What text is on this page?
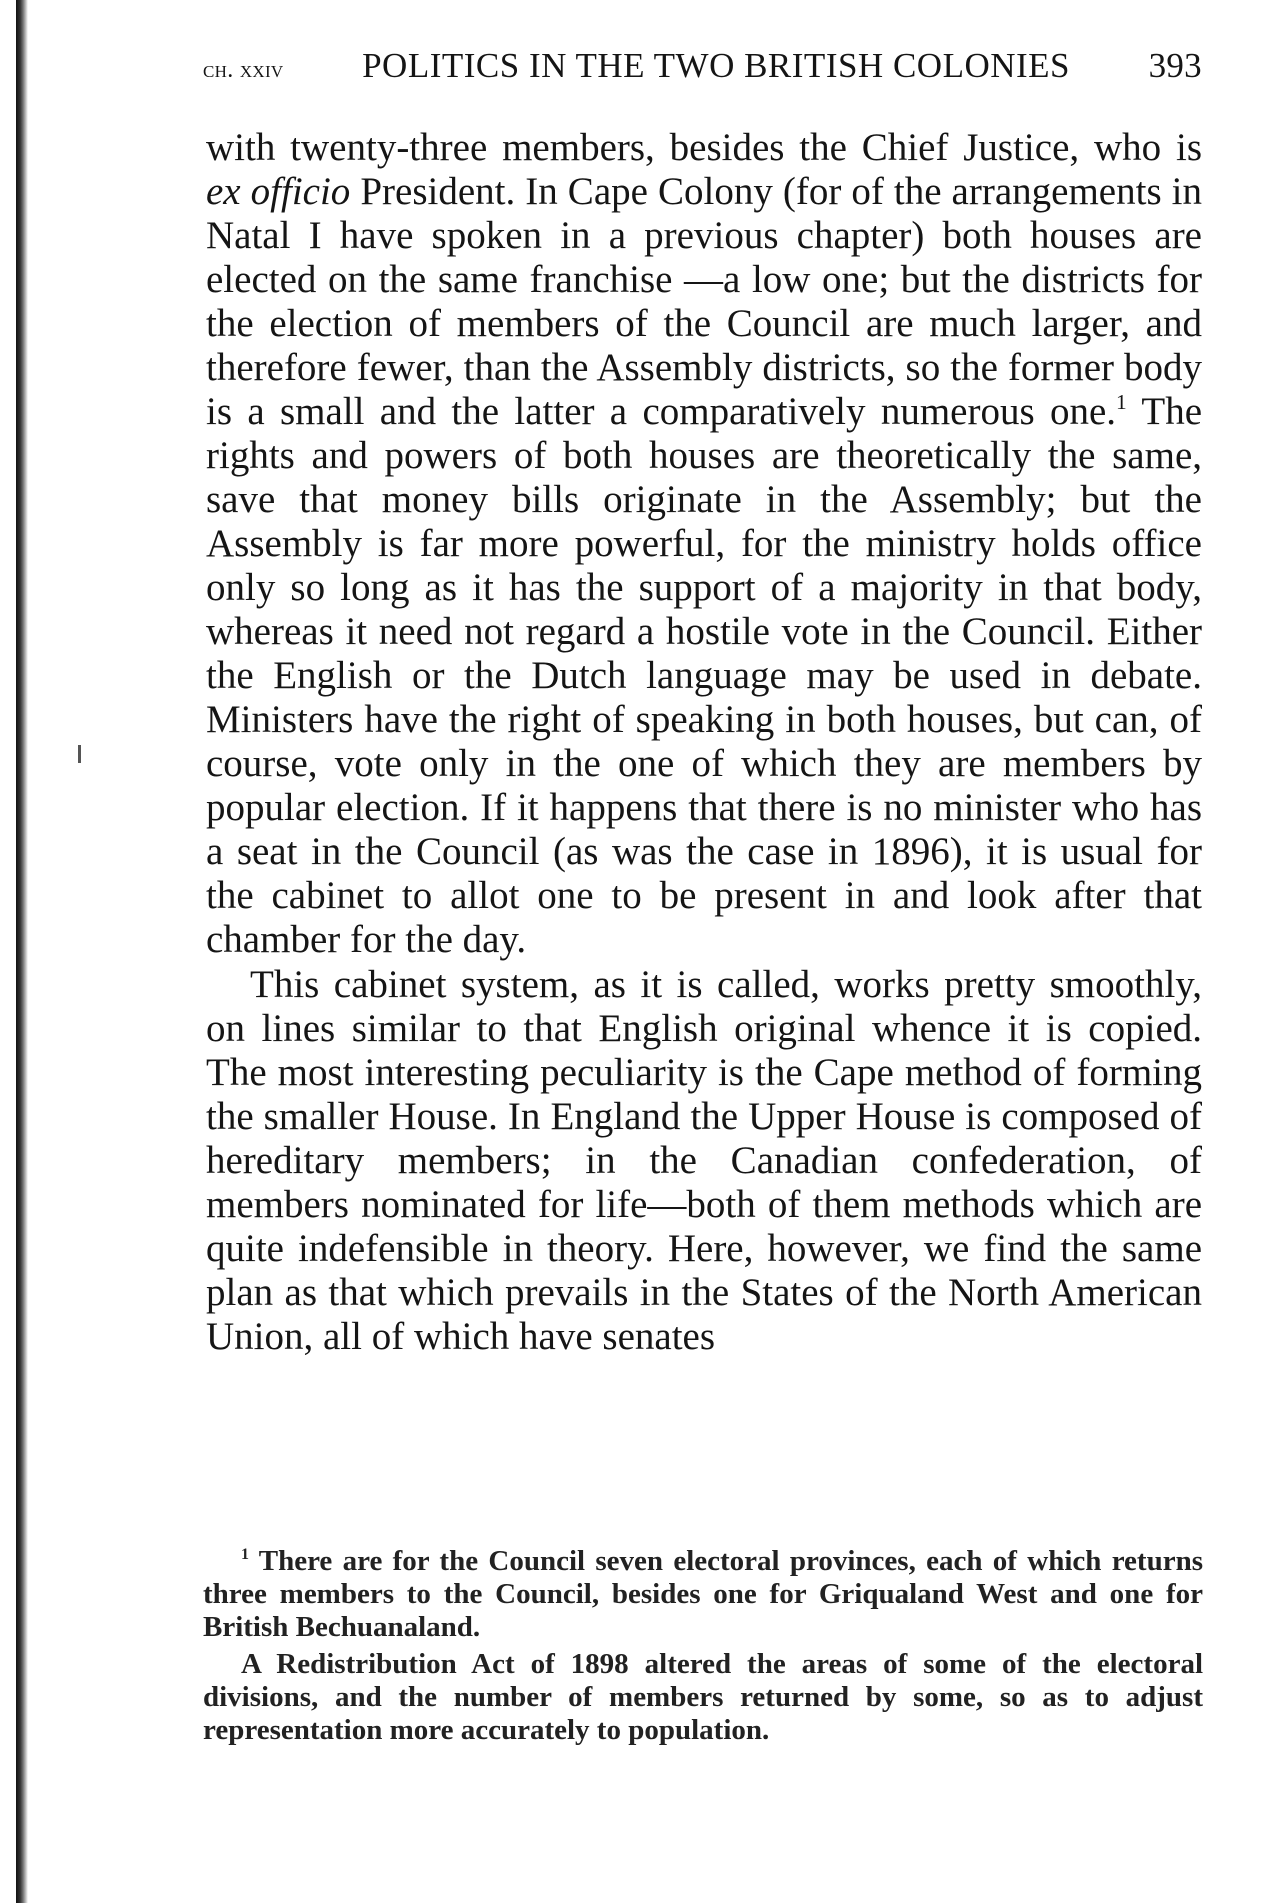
ch. xxiv POLITICS IN THE TWO BRITISH COLONIES 393

with twenty-three members, besides the Chief Justice, who is ex officio President. In Cape Colony (for of the arrangements in Natal I have spoken in a previous chapter) both houses are elected on the same franchise —a low one; but the districts for the election of members of the Council are much larger, and therefore fewer, than the Assembly districts, so the former body is a small and the latter a comparatively numerous one.$^1$ The rights and powers of both houses are theoretically the same, save that money bills originate in the Assembly; but the Assembly is far more powerful, for the ministry holds office only so long as it has the support of a majority in that body, whereas it need not regard a hostile vote in the Council. Either the English or the Dutch language may be used in debate. Ministers have the right of speaking in both houses, but can, of course, vote only in the one of which they are members by popular election. If it happens that there is no minister who has a seat in the Council (as was the case in 1896), it is usual for the cabinet to allot one to be present in and look after that chamber for the day.

This cabinet system, as it is called, works pretty smoothly, on lines similar to that English original whence it is copied. The most interesting peculiarity is the Cape method of forming the smaller House. In England the Upper House is composed of hereditary members; in the Canadian confederation, of members nominated for life—both of them methods which are quite indefensible in theory. Here, however, we find the same plan as that which prevails in the States of the North American Union, all of which have senates

$^1$ There are for the Council seven electoral provinces, each of which returns three members to the Council, besides one for Griqualand West and one for British Bechuanaland.

A Redistribution Act of 1898 altered the areas of some of the electoral divisions, and the number of members returned by some, so as to adjust representation more accurately to population.
